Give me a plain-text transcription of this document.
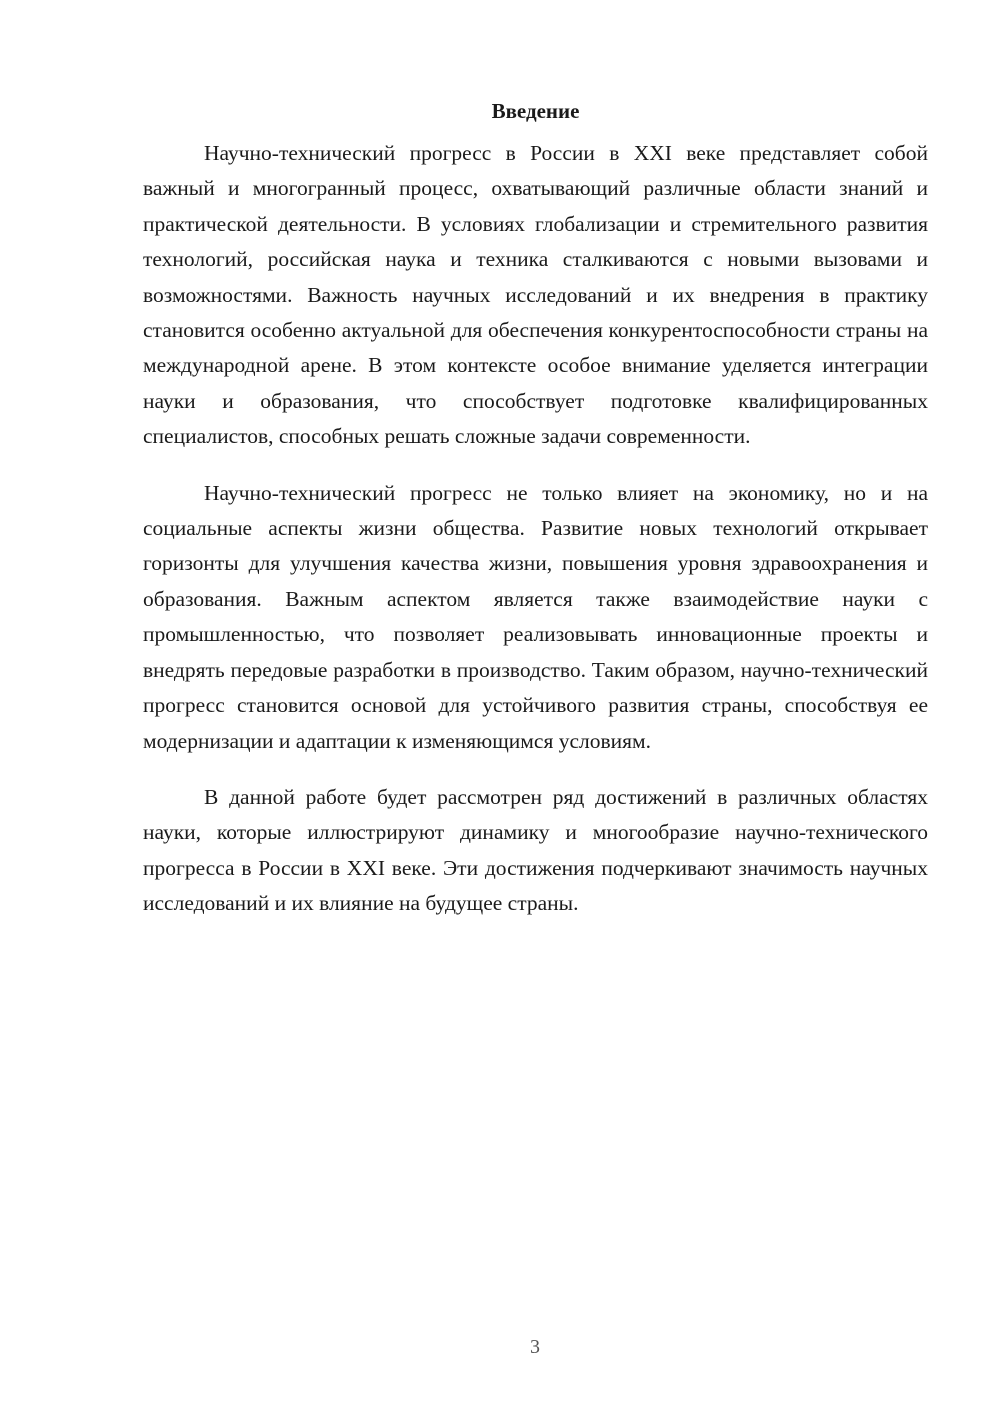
Введение

Научно-технический прогресс в России в XXI веке представляет собой важный и многогранный процесс, охватывающий различные области знаний и практической деятельности. В условиях глобализации и стремительного развития технологий, российская наука и техника сталкиваются с новыми вызовами и возможностями. Важность научных исследований и их внедрения в практику становится особенно актуальной для обеспечения конкурентоспособности страны на международной арене. В этом контексте особое внимание уделяется интеграции науки и образования, что способствует подготовке квалифицированных специалистов, способных решать сложные задачи современности.

Научно-технический прогресс не только влияет на экономику, но и на социальные аспекты жизни общества. Развитие новых технологий открывает горизонты для улучшения качества жизни, повышения уровня здравоохранения и образования. Важным аспектом является также взаимодействие науки с промышленностью, что позволяет реализовывать инновационные проекты и внедрять передовые разработки в производство. Таким образом, научно-технический прогресс становится основой для устойчивого развития страны, способствуя ее модернизации и адаптации к изменяющимся условиям.

В данной работе будет рассмотрен ряд достижений в различных областях науки, которые иллюстрируют динамику и многообразие научно-технического прогресса в России в XXI веке. Эти достижения подчеркивают значимость научных исследований и их влияние на будущее страны.

3
